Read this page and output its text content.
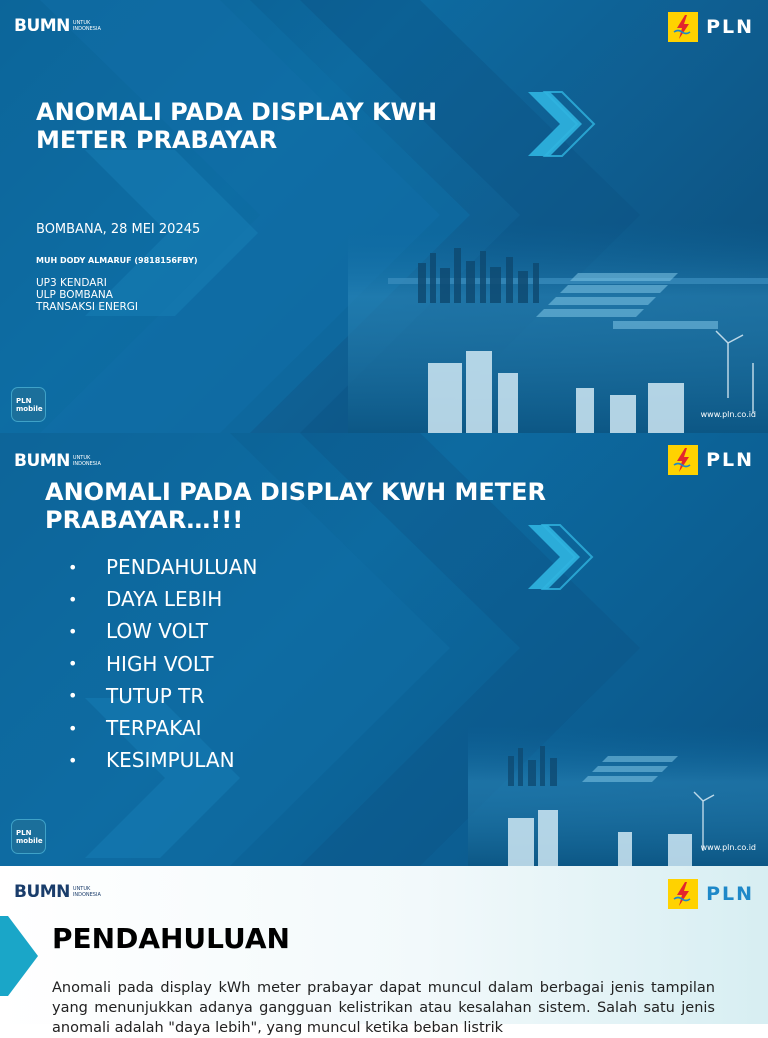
BUMN UNTUK
INDONESIA	PLN
ANOMALI PADA DISPLAY KWH METER PRABAYAR
BOMBANA, 28 MEI 20245
MUH DODY ALMARUF (9818156FBY)
UP3 KENDARI
ULP BOMBANA
TRANSAKSI ENERGI
PLN
mobile
www.pln.co.id
BUMN UNTUK
INDONESIA	PLN
ANOMALI PADA DISPLAY KWH METER PRABAYAR…!!!
•	PENDAHULUAN
•	DAYA LEBIH
•	LOW VOLT
•	HIGH VOLT
•	TUTUP TR
•	TERPAKAI
•	KESIMPULAN
PLN
mobile
www.pln.co.id
BUMN UNTUK
INDONESIA	PLN
PENDAHULUAN

Anomali pada display kWh meter prabayar dapat muncul dalam berbagai jenis tampilan yang menunjukkan adanya gangguan kelistrikan atau kesalahan sistem. Salah satu jenis anomali adalah "daya lebih", yang muncul ketika beban listrik
